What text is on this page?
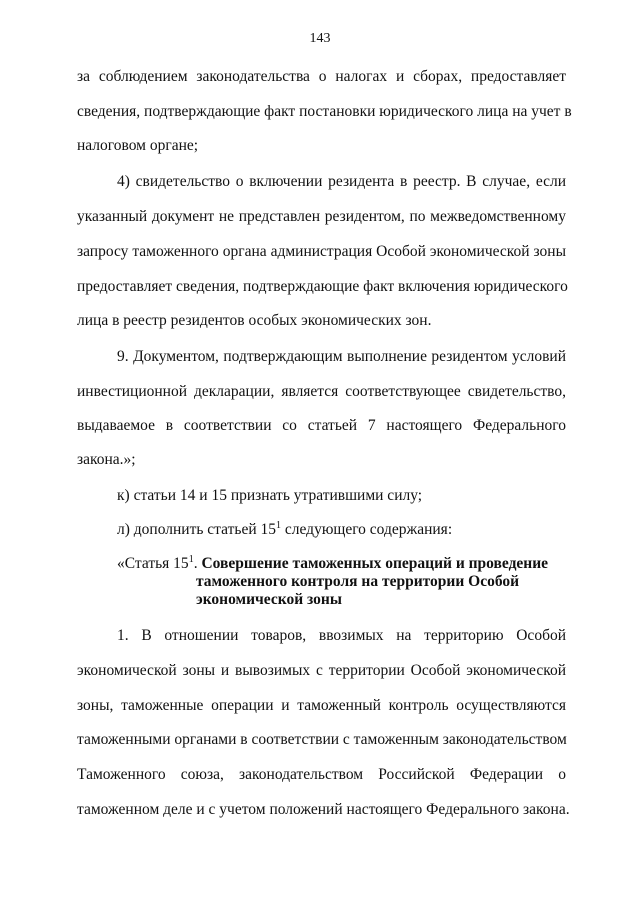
143
за соблюдением законодательства о налогах и сборах, предоставляет
сведения, подтверждающие факт постановки юридического лица на учет в
налоговом органе;
4) свидетельство о включении резидента в реестр. В случае, если
указанный документ не представлен резидентом, по межведомственному
запросу таможенного органа администрация Особой экономической зоны
предоставляет сведения, подтверждающие факт включения юридического
лица в реестр резидентов особых экономических зон.
9. Документом, подтверждающим выполнение резидентом условий
инвестиционной декларации, является соответствующее свидетельство,
выдаваемое в соответствии со статьей 7 настоящего Федерального
закона.»;
к) статьи 14 и 15 признать утратившими силу;
л) дополнить статьей $15^1$ следующего содержания:
«Статья $15^1$. Совершение таможенных операций и проведение
таможенного контроля на территории Особой
экономической зоны
1. В отношении товаров, ввозимых на территорию Особой
экономической зоны и вывозимых с территории Особой экономической
зоны, таможенные операции и таможенный контроль осуществляются
таможенными органами в соответствии с таможенным законодательством
Таможенного союза, законодательством Российской Федерации о
таможенном деле и с учетом положений настоящего Федерального закона.
